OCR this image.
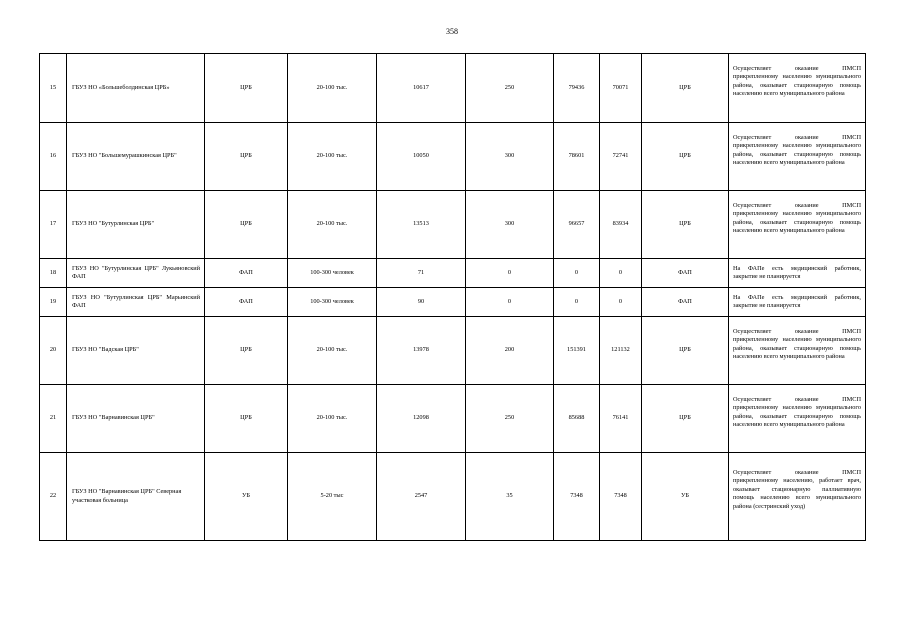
358
15	ГБУЗ НО «Большеболдинская ЦРБ»	ЦРБ	20-100 тыс.	10617	250	79436	70071	ЦРБ	Осуществляет оказание ПМСП прикрепленному населению муниципального района, оказывает стационарную помощь населению всего муниципального района
16	ГБУЗ НО "Большемурашкинская ЦРБ"	ЦРБ	20-100 тыс.	10050	300	78601	72741	ЦРБ	Осуществляет оказание ПМСП прикрепленному населению муниципального района, оказывает стационарную помощь населению всего муниципального района
17	ГБУЗ НО "Бутурлинская ЦРБ"	ЦРБ	20-100 тыс.	13513	300	96657	83934	ЦРБ	Осуществляет оказание ПМСП прикрепленному населению муниципального района, оказывает стационарную помощь населению всего муниципального района
18	ГБУЗ НО "Бутурлинская ЦРБ" Лукьяновский ФАП	ФАП	100-300 человек	71	0	0	0	ФАП	На ФАПе есть медицинский работник, закрытие не планируется
19	ГБУЗ НО "Бутурлинская ЦРБ" Марьинский ФАП	ФАП	100-300 человек	90	0	0	0	ФАП	На ФАПе есть медицинский работник, закрытие не планируется
20	ГБУЗ НО "Вадская ЦРБ"	ЦРБ	20-100 тыс.	13978	200	151391	121132	ЦРБ	Осуществляет оказание ПМСП прикрепленному населению муниципального района, оказывает стационарную помощь населению всего муниципального района
21	ГБУЗ НО "Варнавинская ЦРБ"	ЦРБ	20-100 тыс.	12098	250	85688	76141	ЦРБ	Осуществляет оказание ПМСП прикрепленному населению муниципального района, оказывает стационарную помощь населению всего муниципального района
22	ГБУЗ НО "Варнавинская ЦРБ" Северная участковая больница	УБ	5-20 тыс	2547	35	7348	7348	УБ	Осуществляет оказание ПМСП прикрепленному населению, работает врач, оказывает стационарную паллиативную помощь населению всего муниципального района (сестринский уход)
